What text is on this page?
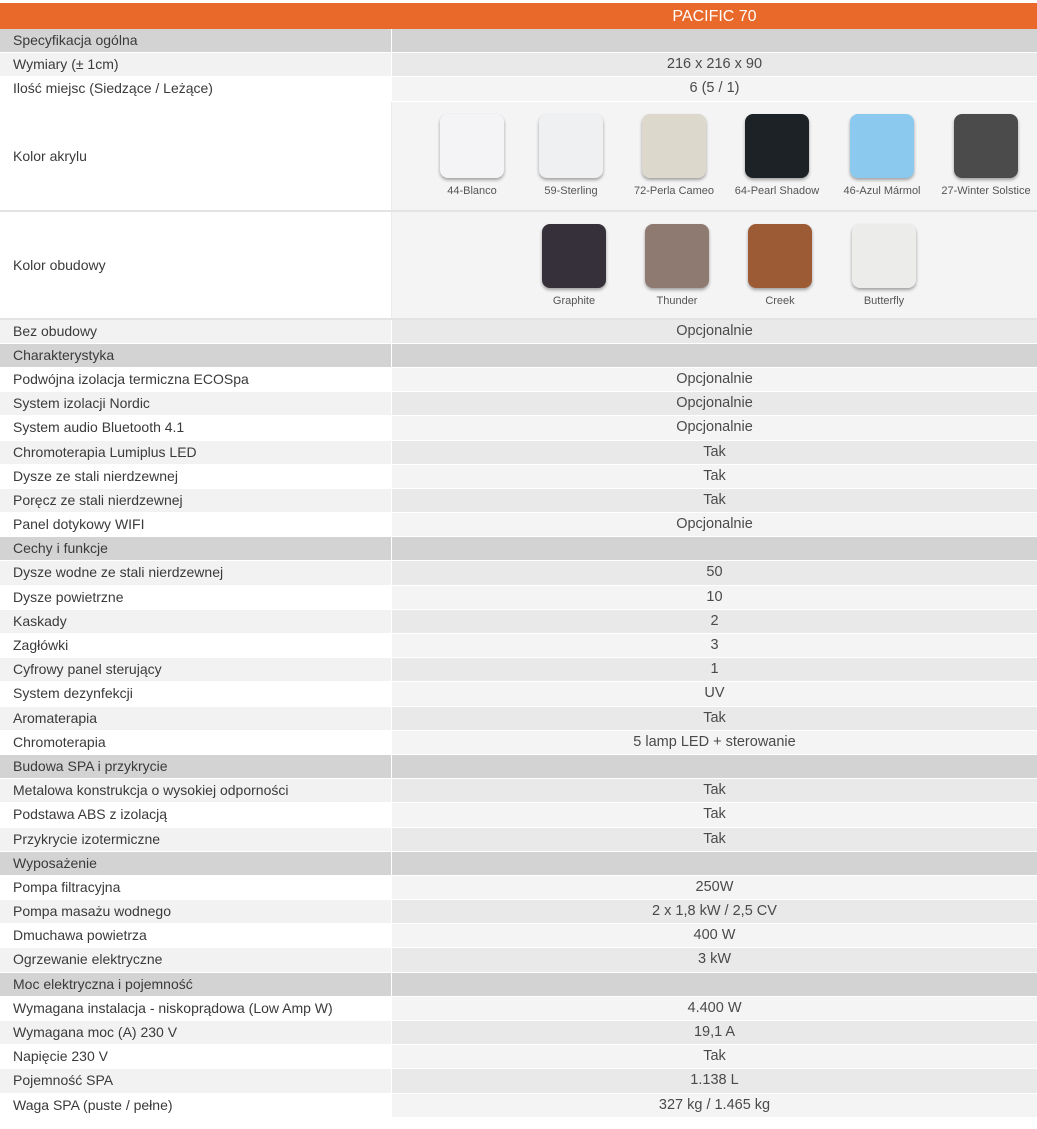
PACIFIC 70
Specyfikacja ogólna
Wymiary (± 1cm)	216 x 216 x 90
Ilość miejsc (Siedzące / Leżące)	6 (5 / 1)
Kolor akrylu
44-Blanco	59-Sterling	72-Perla Cameo	64-Pearl Shadow	46-Azul Mármol	27-Winter Solstice
Kolor obudowy
Graphite	Thunder	Creek	Butterfly
Bez obudowy	Opcjonalnie
Charakterystyka
Podwójna izolacja termiczna ECOSpa	Opcjonalnie
System izolacji Nordic	Opcjonalnie
System audio Bluetooth 4.1	Opcjonalnie
Chromoterapia Lumiplus LED	Tak
Dysze ze stali nierdzewnej	Tak
Poręcz ze stali nierdzewnej	Tak
Panel dotykowy WIFI	Opcjonalnie
Cechy i funkcje
Dysze wodne ze stali nierdzewnej	50
Dysze powietrzne	10
Kaskady	2
Zagłówki	3
Cyfrowy panel sterujący	1
System dezynfekcji	UV
Aromaterapia	Tak
Chromoterapia	5 lamp LED + sterowanie
Budowa SPA i przykrycie
Metalowa konstrukcja o wysokiej odporności	Tak
Podstawa ABS z izolacją	Tak
Przykrycie izotermiczne	Tak
Wyposażenie
Pompa filtracyjna	250W
Pompa masażu wodnego	2 x 1,8 kW / 2,5 CV
Dmuchawa powietrza	400 W
Ogrzewanie elektryczne	3 kW
Moc elektryczna i pojemność
Wymagana instalacja - niskoprądowa (Low Amp W)	4.400 W
Wymagana moc (A) 230 V	19,1 A
Napięcie 230 V	Tak
Pojemność SPA	1.138 L
Waga SPA (puste / pełne)	327 kg / 1.465 kg
